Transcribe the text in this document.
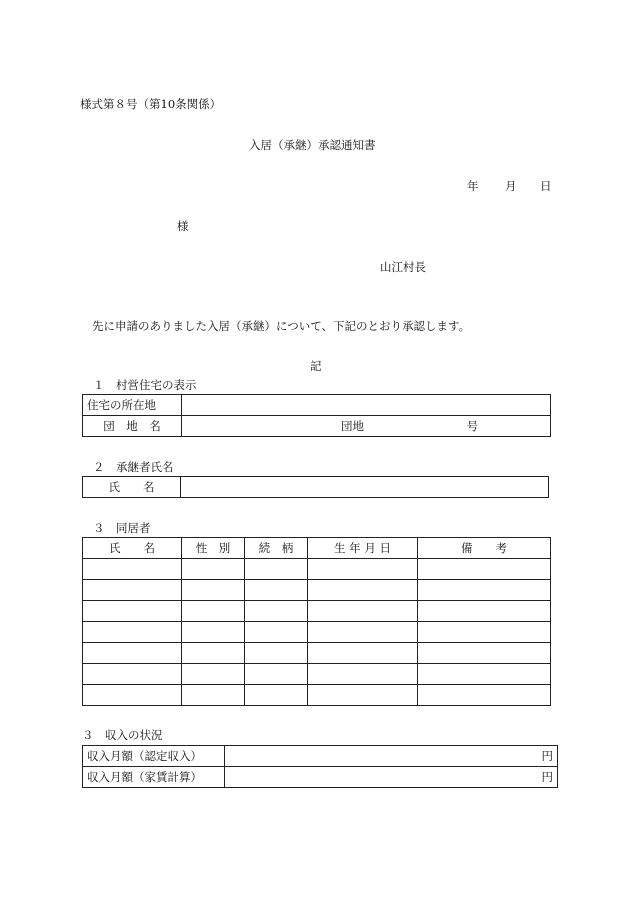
様式第８号（第10条関係）
入居（承継）承認通知書
年 月 日
様
山江村長
先に申請のありました入居（承継）について、下記のとおり承認します。
記
１　村営住宅の表示
住宅の所在地	
団　地　名	団地 号
２　承継者氏名
氏　　名	
３　同居者
氏　　名	性　別	続　柄	生 年 月 日	備　　考

３　収入の状況
収入月額（認定収入）	円
収入月額（家賃計算）	円
